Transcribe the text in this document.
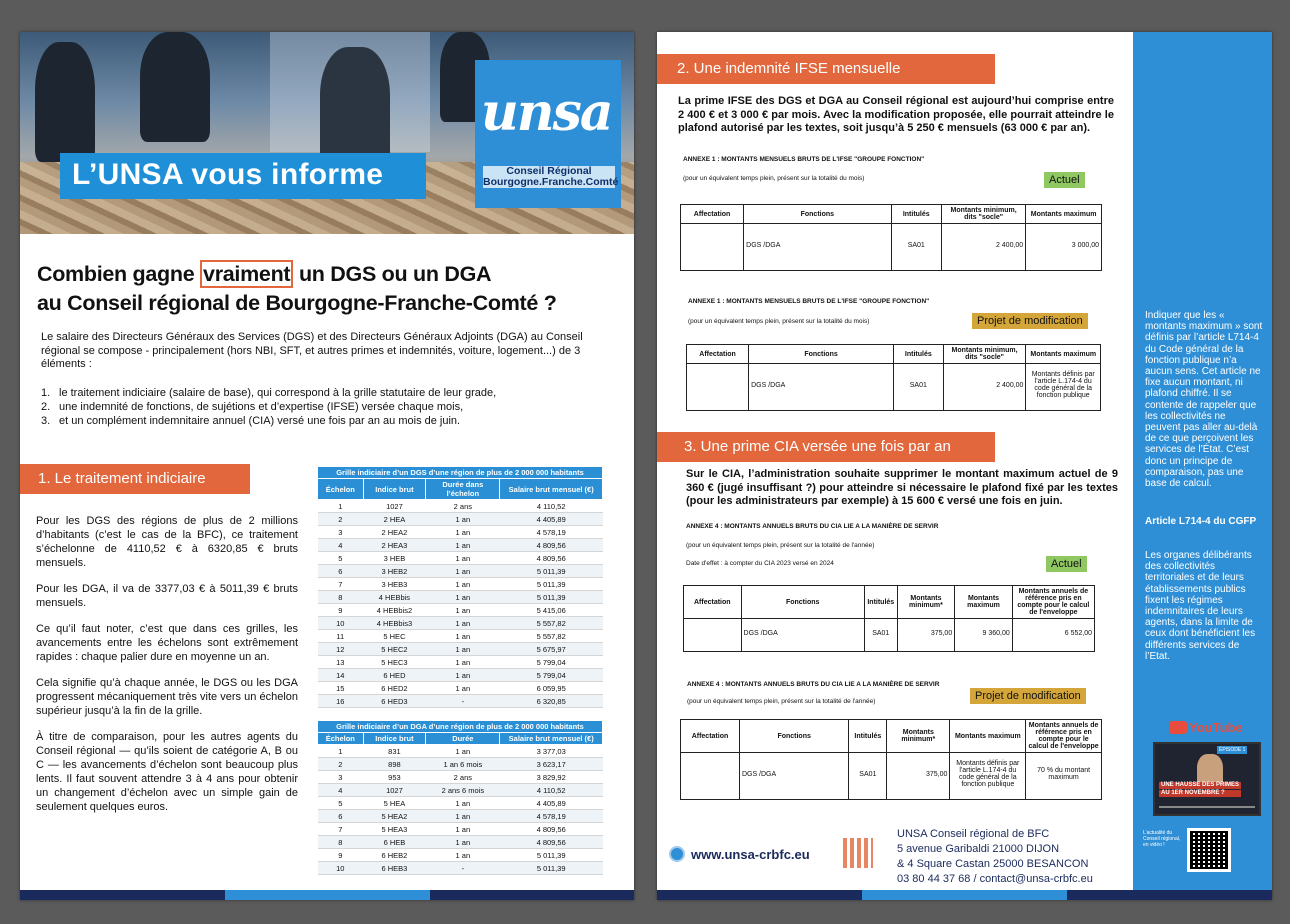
L’UNSA vous informe
unsa
Conseil Régional
Bourgogne.Franche.Comté
Combien gagne vraiment un DGS ou un DGA
au Conseil régional de Bourgogne-Franche-Comté ?
Le salaire des Directeurs Généraux des Services (DGS) et des Directeurs Généraux Adjoints (DGA) au Conseil régional se compose - principalement (hors NBI, SFT, et autres primes et indemnités, voiture, logement...) de 3 éléments :
1. le traitement indiciaire (salaire de base), qui correspond à la grille statutaire de leur grade,
2. une indemnité de fonctions, de sujétions et d’expertise (IFSE) versée chaque mois,
3. et un complément indemnitaire annuel (CIA) versé une fois par an au mois de juin.
1. Le traitement indiciaire

Pour les DGS des régions de plus de 2 millions d’habitants (c’est le cas de la BFC), ce traitement s’échelonne de 4110,52 € à 6320,85 € bruts mensuels.

Pour les DGA, il va de 3377,03 € à 5011,39 € bruts mensuels.

Ce qu’il faut noter, c’est que dans ces grilles, les avancements entre les échelons sont extrêmement rapides : chaque palier dure en moyenne un an.

Cela signifie qu’à chaque année, le DGS ou les DGA progressent mécaniquement très vite vers un échelon supérieur jusqu’à la fin de la grille.

À titre de comparaison, pour les autres agents du Conseil régional — qu’ils soient de catégorie A, B ou C — les avancements d’échelon sont beaucoup plus lents. Il faut souvent attendre 3 à 4 ans pour obtenir un changement d’échelon avec un simple gain de seulement quelques euros.

Grille indiciaire d’un DGS d’une région de plus de 2 000 000 habitants			
Échelon	Indice brut	Durée dans l’échelon	Salaire brut mensuel (€)
1	1027	2 ans	4 110,52
2	2 HEA	1 an	4 405,89
3	2 HEA2	1 an	4 578,19
4	2 HEA3	1 an	4 809,56
5	3 HEB	1 an	4 809,56
6	3 HEB2	1 an	5 011,39
7	3 HEB3	1 an	5 011,39
8	4 HEBbis	1 an	5 011,39
9	4 HEBbis2	1 an	5 415,06
10	4 HEBbis3	1 an	5 557,82
11	5 HEC	1 an	5 557,82
12	5 HEC2	1 an	5 675,97
13	5 HEC3	1 an	5 799,04
14	6 HED	1 an	5 799,04
15	6 HED2	1 an	6 059,95
16	6 HED3	-	6 320,85
Grille indiciaire d’un DGA d’une région de plus de 2 000 000 habitants			
Échelon	Indice brut	Durée	Salaire brut mensuel (€)
1	831	1 an	3 377,03
2	898	1 an 6 mois	3 623,17
3	953	2 ans	3 829,92
4	1027	2 ans 6 mois	4 110,52
5	5 HEA	1 an	4 405,89
6	5 HEA2	1 an	4 578,19
7	5 HEA3	1 an	4 809,56
8	6 HEB	1 an	4 809,56
9	6 HEB2	1 an	5 011,39
10	6 HEB3	-	5 011,39
2. Une indemnité IFSE mensuelle
La prime IFSE des DGS et DGA au Conseil régional est aujourd’hui comprise entre 2 400 € et 3 000 € par mois. Avec la modification proposée, elle pourrait atteindre le plafond autorisé par les textes, soit jusqu’à 5 250 € mensuels (63 000 € par an).
ANNEXE 1 : MONTANTS MENSUELS BRUTS DE L'IFSE "GROUPE FONCTION"
(pour un équivalent temps plein, présent sur la totalité du mois)	Actuel
Affectation	Fonctions	Intitulés	Montants minimum, dits "socle"	Montants maximum
	DGS /DGA	SA01	2 400,00	3 000,00

ANNEXE 1 : MONTANTS MENSUELS BRUTS DE L'IFSE "GROUPE FONCTION"
(pour un équivalent temps plein, présent sur la totalité du mois)	Projet de modification
Affectation	Fonctions	Intitulés	Montants minimum, dits "socle"	Montants maximum
	DGS /DGA	SA01	2 400,00	Montants définis par l'article L.174-4 du code général de la fonction publique

3. Une prime CIA versée une fois par an
Sur le CIA, l’administration souhaite supprimer le montant maximum actuel de 9 360 € (jugé insuffisant ?) pour atteindre si nécessaire le plafond fixé par les textes (pour les administrateurs par exemple) à 15 600 € versé une fois en juin.
ANNEXE 4 : MONTANTS ANNUELS BRUTS DU CIA LIE A LA MANIÈRE DE SERVIR
(pour un équivalent temps plein, présent sur la totalité de l'année)
Date d'effet : à compter du CIA 2023 versé en 2024	Actuel
Affectation	Fonctions	Intitulés	Montants minimum*	Montants maximum	Montants annuels de référence pris en compte pour le calcul de l'enveloppe
	DGS /DGA	SA01	375,00	9 360,00	6 552,00

ANNEXE 4 : MONTANTS ANNUELS BRUTS DU CIA LIE A LA MANIÈRE DE SERVIR
(pour un équivalent temps plein, présent sur la totalité de l'année)	Projet de modification
Affectation	Fonctions	Intitulés	Montants minimum*	Montants maximum	Montants annuels de référence pris en compte pour le calcul de l'enveloppe
	DGS /DGA	SA01	375,00	Montants définis par l'article L.174-4 du code général de la fonction publique	70 % du montant maximum

www.unsa-crbfc.eu
UNSA Conseil régional de BFC
5 avenue Garibaldi 21000 DIJON
& 4 Square Castan 25000 BESANCON
03 80 44 37 68 / contact@unsa-crbfc.eu
Indiquer que les « montants maximum » sont définis par l’article L714-4 du Code général de la fonction publique n’a aucun sens. Cet article ne fixe aucun montant, ni plafond chiffré. Il se contente de rappeler que les collectivités ne peuvent pas aller au-delà de ce que perçoivent les services de l’État. C’est donc un principe de comparaison, pas une base de calcul.
Article L714-4 du CGFP
Les organes délibérants des collectivités territoriales et de leurs établissements publics fixent les régimes indemnitaires de leurs agents, dans la limite de ceux dont bénéficient les différents services de l’Etat.
YouTube
ÉPISODE 1
UNE HAUSSE DES PRIMES
AU 1ER NOVEMBRE ?
L’actualité du Conseil régional, en vidéo !
